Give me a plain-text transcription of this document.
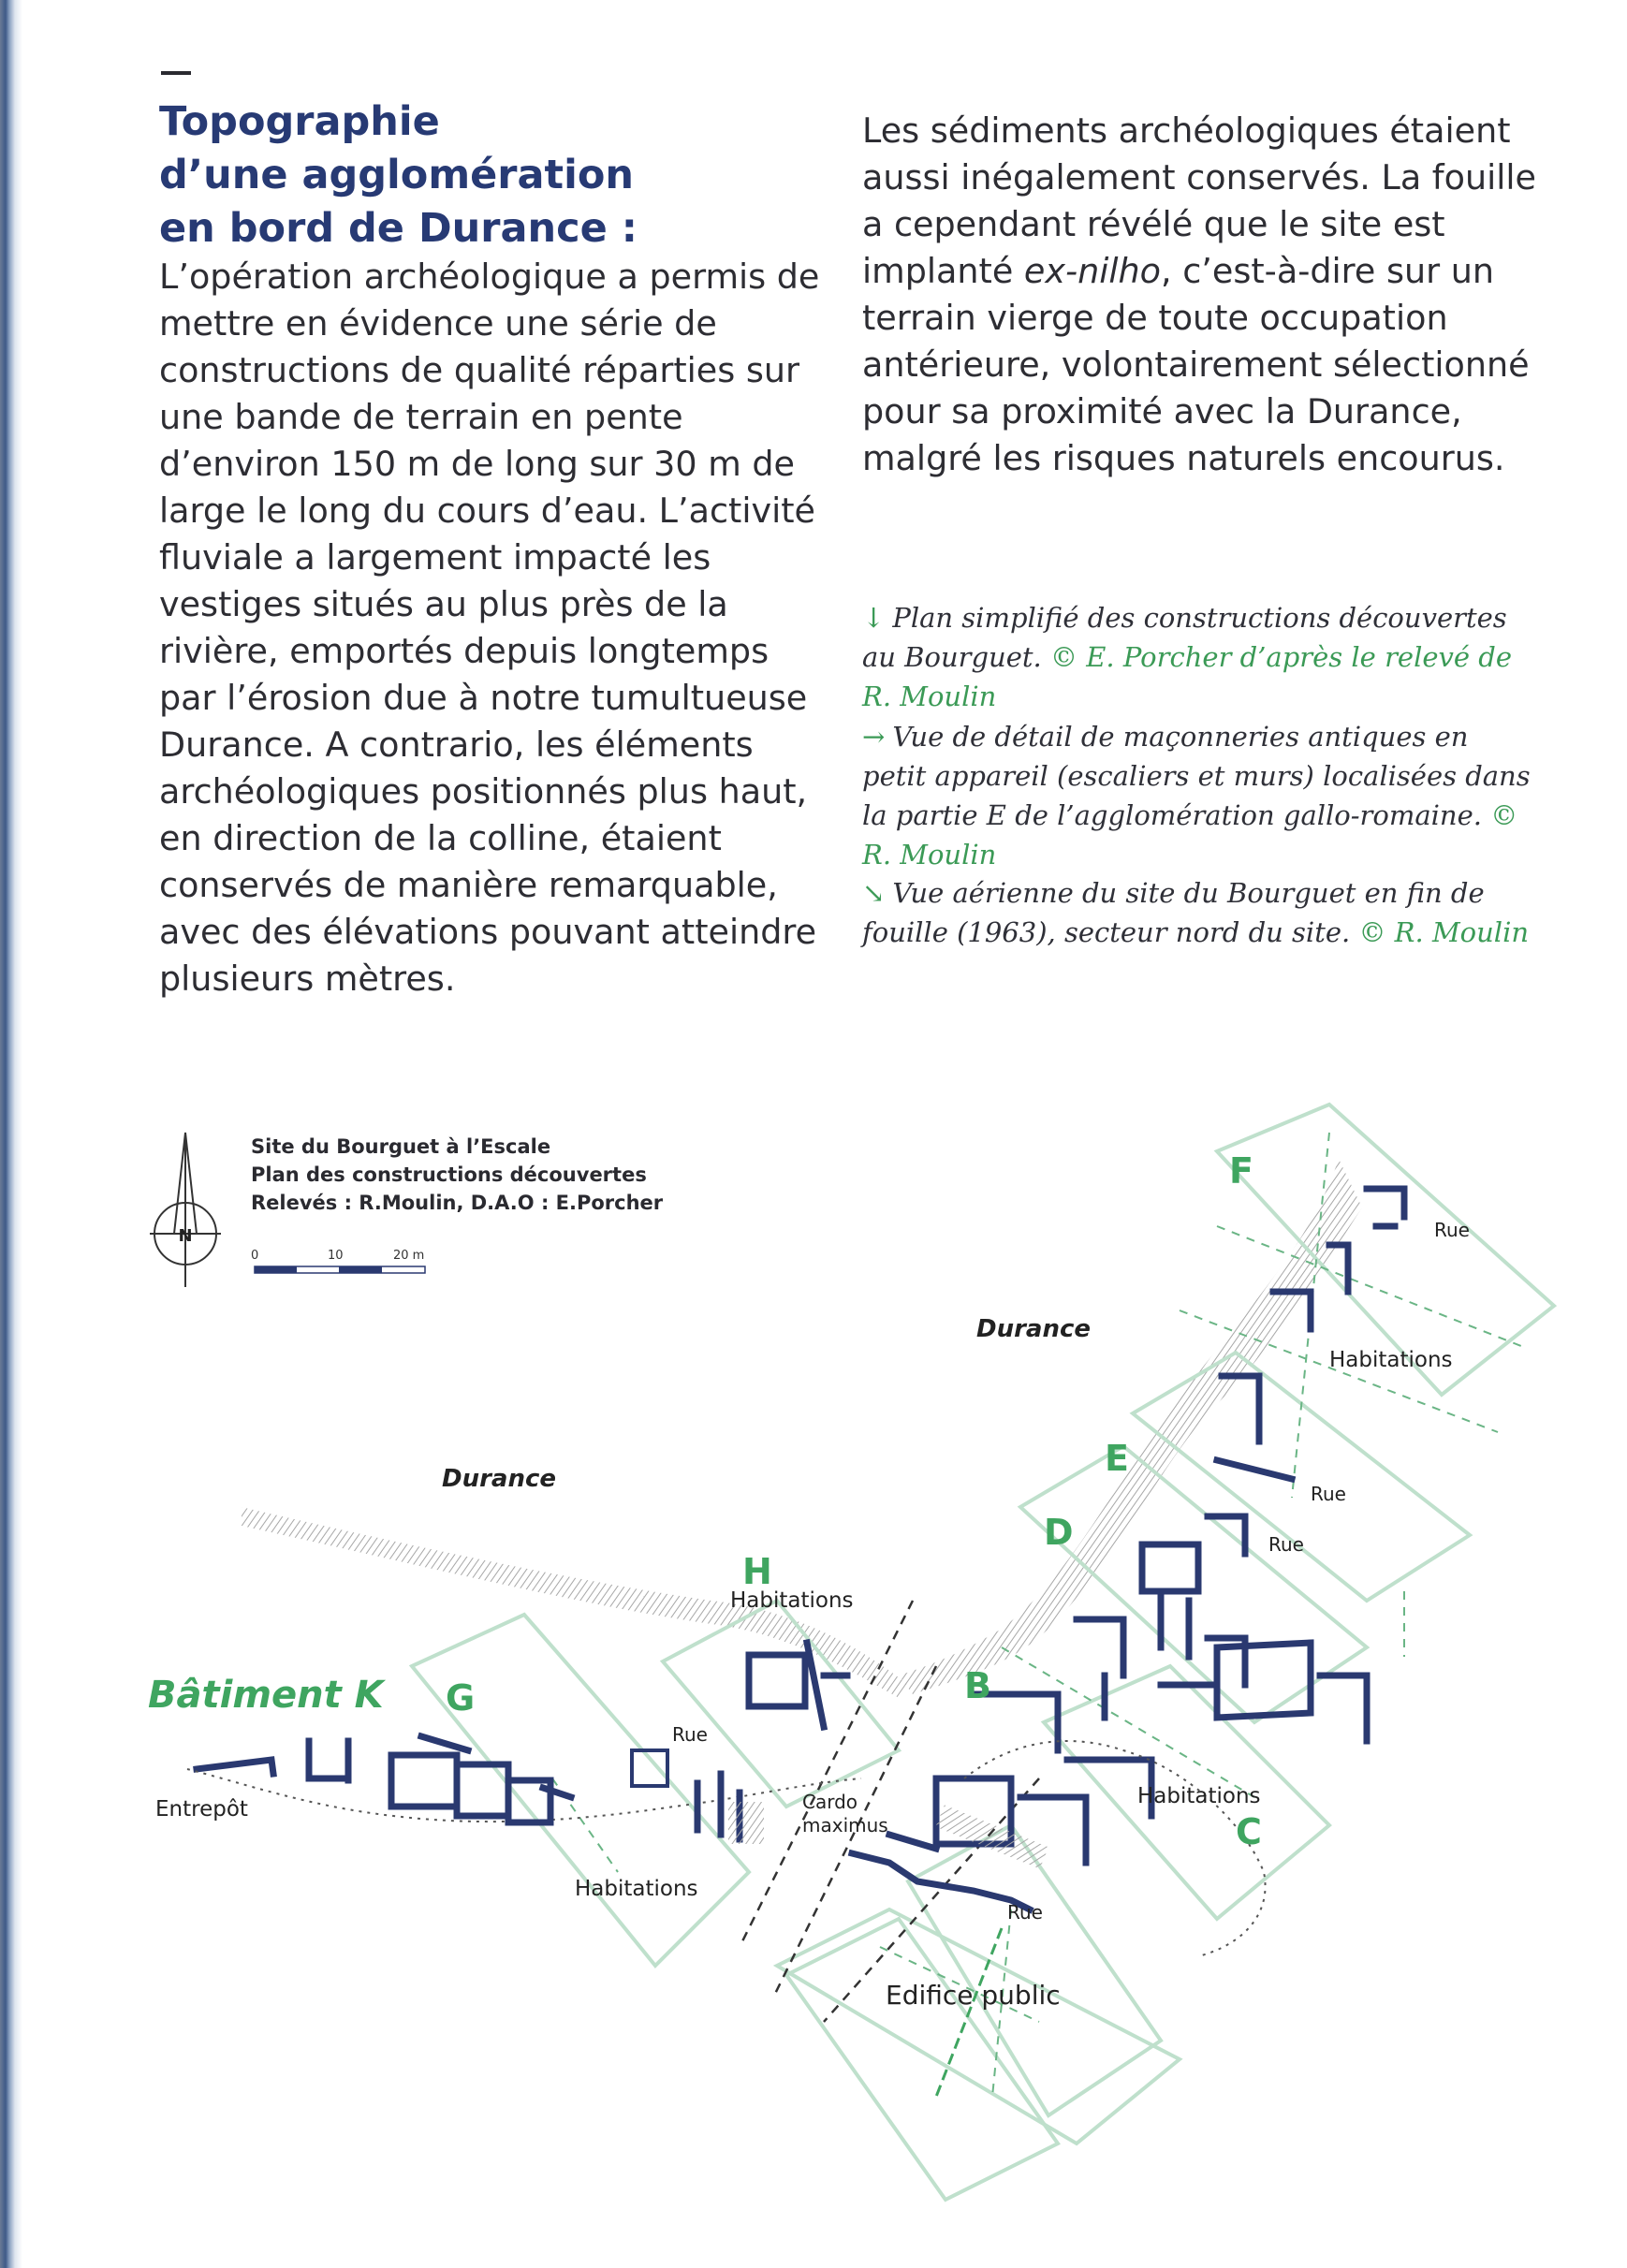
Topographie
d’une agglomération
en bord de Durance :

L’opération archéologique a permis de mettre en évidence une série de constructions de qualité réparties sur une bande de terrain en pente d’environ 150 m de long sur 30 m de large le long du cours d’eau. L’activité fluviale a largement impacté les vestiges situés au plus près de la rivière, emportés depuis longtemps par l’érosion due à notre tumultueuse Durance. A contrario, les éléments archéologiques positionnés plus haut, en direction de la colline, étaient conservés de manière remarquable, avec des élévations pouvant atteindre plusieurs mètres.

Les sédiments archéologiques étaient aussi inégalement conservés. La fouille a cependant révélé que le site est implanté ex-nilho, c’est-à-dire sur un terrain vierge de toute occupation antérieure, volontairement sélectionné pour sa proximité avec la Durance, malgré les risques naturels encourus.

↓ Plan simplifié des constructions découvertes au Bourguet. © E. Porcher d’après le relevé de R. Moulin

→ Vue de détail de maçonneries antiques en petit appareil (escaliers et murs) localisées dans la partie E de l’agglomération gallo-romaine. © R. Moulin

↘ Vue aérienne du site du Bourguet en fin de fouille (1963), secteur nord du site. © R. Moulin

N
Site du Bourguet à l’Escale
Plan des constructions découvertes
Relevés : R.Moulin, D.A.O : E.Porcher
0	10	20 m
Durance
Durance
Rue
Habitations
Rue
Rue
Habitations
Bâtiment K
Entrepôt
Rue
Habitations
Cardo
maximus
Habitations
Rue
Edifice public
F
E
D
H
G	B
C
